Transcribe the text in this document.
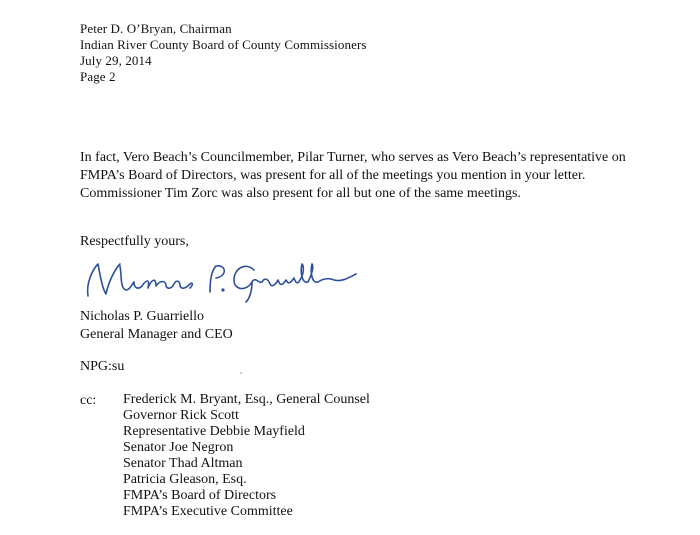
Peter D. O’Bryan, Chairman
Indian River County Board of County Commissioners
July 29, 2014
Page 2
In fact, Vero Beach’s Councilmember, Pilar Turner, who serves as Vero Beach’s representative on FMPA’s Board of Directors, was present for all of the meetings you mention in your letter. Commissioner Tim Zorc was also present for all but one of the same meetings.
Respectfully yours,
Nicholas P. Guarriello
General Manager and CEO
NPG:su
cc: Frederick M. Bryant, Esq., General Counsel
Governor Rick Scott
Representative Debbie Mayfield
Senator Joe Negron
Senator Thad Altman
Patricia Gleason, Esq.
FMPA’s Board of Directors
FMPA’s Executive Committee
